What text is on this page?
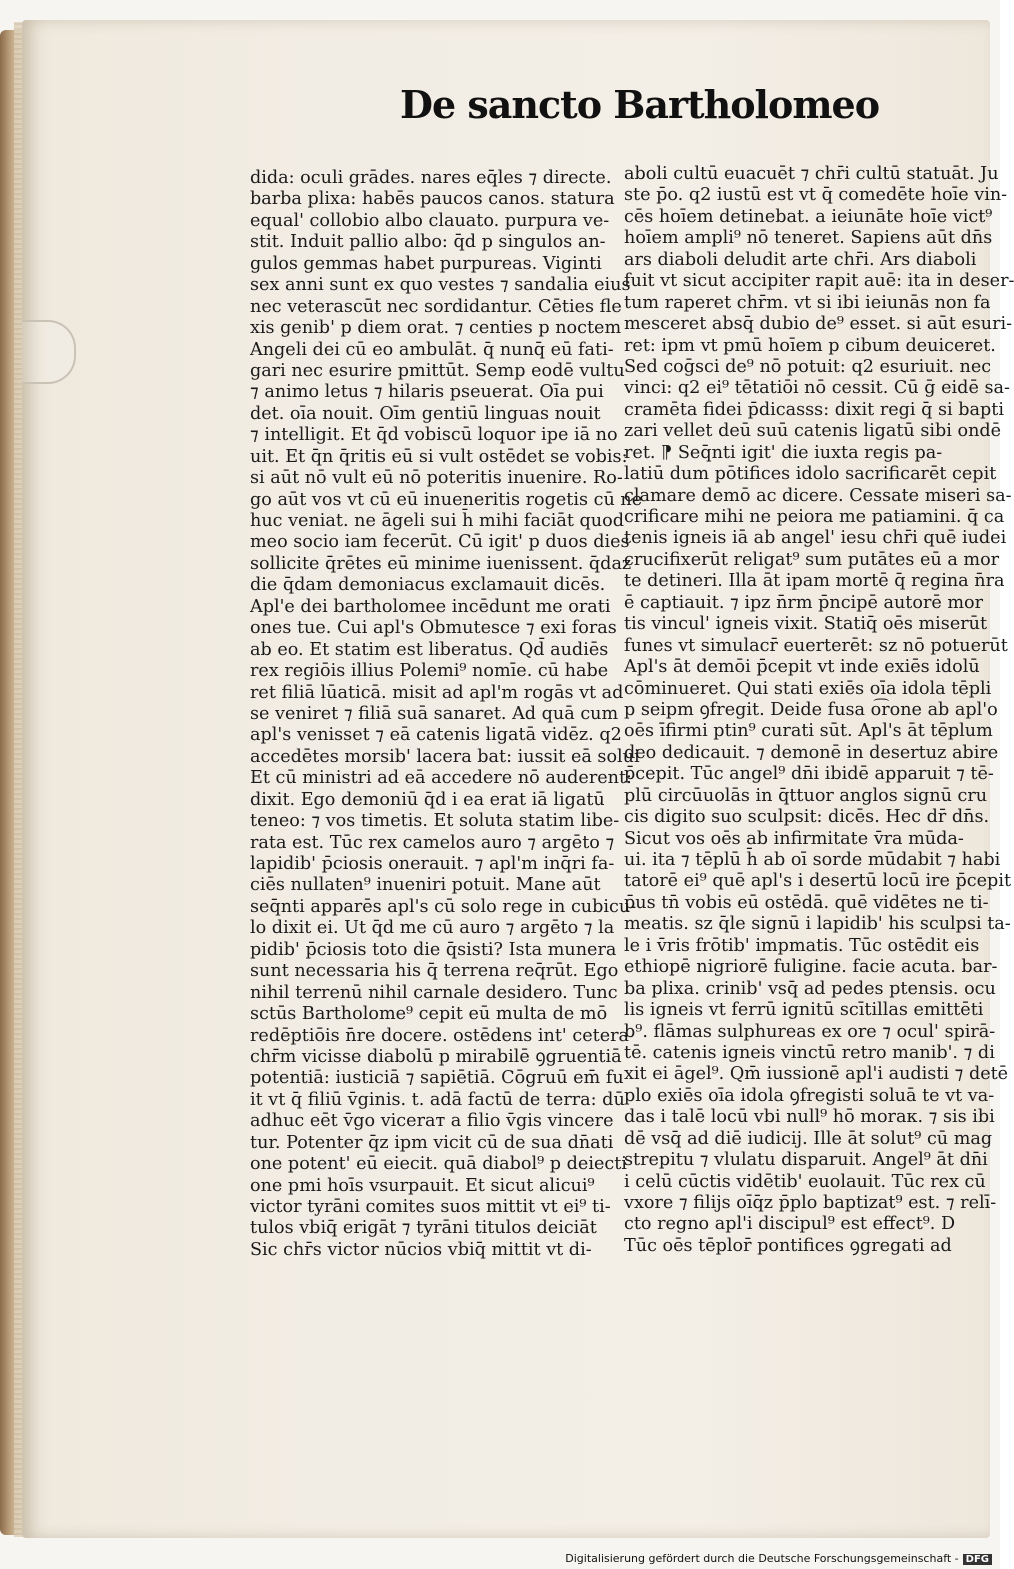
De sancto Bartholomeo
dida: oculi grādes. nares eq̄les ⁊ directe.
barba plixa: habēs paucos canos. statura
equal' collobio albo clauato. purpura ve‑
stit. Induit pallio albo: q̄d p singulos an‑
gulos gemmas habet purpureas. Viginti
sex anni sunt ex quo vestes ⁊ sandalia eius
nec veterascūt nec sordidantur. Cēties fle
xis genib' p diem orat. ⁊ centies p noctem
Angeli dei cū eo ambulāt. q̄ nunq̄ eū fati‑
gari nec esurire pmittūt. Semp eodē vultu
⁊ animo letus ⁊ hilaris pseuerat. Oīa pui
det. oīa nouit. Oīm gentiū linguas nouit
⁊ intelligit. Et q̄d vobiscū loquor ipe iā no
uit. Et q̄n q̄ritis eū si vult ostēdet se vobis:
si aūt nō vult eū nō poteritis inuenire. Ro‑
go aūt vos vt cū eū inueneritis rogetis cū ne
huc veniat. ne āgeli sui h̄ mihi faciāt quod
meo socio iam fecerūt. Cū igit' p duos dies
sollicite q̄rētes eū minime iuenissent. q̄daz
die q̄dam demoniacus exclamauit dicēs.
Apl'e dei bartholomee incēdunt me orati
ones tue. Cui apl's Obmutesce ⁊ exi foras
ab eo. Et statim est liberatus. Qd̄ audiēs
rex regiōis illius Polemi⁹ nomīe. cū habe
ret filiā lūaticā. misit ad apl'm rogās vt ad
se veniret ⁊ filiā suā sanaret. Ad quā cum
apl's venisset ⁊ eā catenis ligatā vidēz. q2
accedētes morsib' lacera bat: iussit eā solui
Et cū ministri ad eā accedere nō auderent:
dixit. Ego demoniū q̄d i ea erat iā ligatū
teneo: ⁊ vos timetis. Et soluta statim libe‑
rata est. Tūc rex camelos auro ⁊ argēto ⁊
lapidib' p̄ciosis onerauit. ⁊ apl'm inq̄ri fa‑
ciēs nullaten⁹ inueniri potuit. Mane aūt
seq̄nti apparēs apl's cū solo rege in cubicu‑
lo dixit ei. Ut q̄d me cū auro ⁊ argēto ⁊ la
pidib' p̄ciosis toto die q̄sisti? Ista munera
sunt necessaria his q̄ terrena req̄rūt. Ego
nihil terrenū nihil carnale desidero. Tunc
sctūs Bartholome⁹ cepit eū multa de mō
redēptiōis n̄re docere. ostēdens int' cetera
chr̄m vicisse diabolū p mirabilē ꝯgruentiā
potentiā: iusticiā ⁊ sapiētiā. Cōgruū em̄ fu
it vt q̄ filiū v̄ginis. t. adā factū de terra: dū
adhuc eēt v̄go viceraт a filio v̄gis vincere
tur. Potenter q̄z ipm vicit cū de sua dn̄ati
one potent' eū eiecit. quā diabol⁹ p deiecti
one pmi hoīs vsurpauit. Et sicut alicui⁹
victor tyrāni comites suos mittit vt ei⁹ ti‑
tulos vbiq̄ erigāt ⁊ tyrāni titulos deiciāt
Sic chr̄s victor nūcios vbiq̄ mittit vt di‑
aboli cultū euacuēt ⁊ chr̄i cultū statuāt. Ju
ste p̄o. q2 iustū est vt q̄ comedēte hoīe vin‑
cēs hoīem detinebat. a ieiunāte hoīe vict⁹
hoīem ampli⁹ nō teneret. Sapiens aūt dn̄s
ars diaboli deludit arte chr̄i. Ars diaboli
fuit vt sicut accipiter rapit auē: ita in deser‑
tum raperet chr̄m. vt si ibi ieiunās non fa
mesceret absq̄ dubio de⁹ esset. si aūt esuri‑
ret: ipm vt pmū hoīem p cibum deuiceret.
Sed coḡsci de⁹ nō potuit: q2 esuriuit. nec
vinci: q2 ei⁹ tētatiōi nō cessit. Cū ḡ eidē sa‑
cramēta fidei p̄dicasss: dixit regi q̄ si bapti
zari vellet deū suū catenis ligatū sibi ondē
ret. ⁋ Seq̄nti igit' die iuxta regis pa‑
latiū dum pōtifices idolo sacrificarēt cepit
clamare demō ac dicere. Cessate miseri sa‑
crificare mihi ne peiora me patiamini. q̄ ca
tenis igneis iā ab angel' iesu chr̄i quē iudei
crucifixerūt religat⁹ sum putātes eū a mor
te detineri. Illa āt ipam mortē q̄ regina n̄ra
ē captiauit. ⁊ ipz n̄rm p̄ncipē autorē mor
tis vincul' igneis vixit. Statiq̄ oēs miserūt
funes vt simulacr̄ euerterēt: sz nō potuerūt
Apl's āt demōi p̄cepit vt inde exiēs idolū
cōminueret. Qui stati exiēs oīa idola tēpli
p seipm ꝯfregit. Deide fusa o͡rone ab apl'o
oēs īfirmi ptin⁹ curati sūt. Apl's āt tēplum
deo dedicauit. ⁊ demonē in desertuz abire
p̄cepit. Tūc angel⁹ dn̄i ibidē apparuit ⁊ tē‑
plū circūuolās in q̄ttuor anglos signū cru
cis digito suo sculpsit: dicēs. Hec dr̄ dn̄s.
Sicut vos oēs ab infirmitate v̄ra mūda‑
ui. ita ⁊ tēplū h̄ ab oī sorde mūdabit ⁊ habi
tatorē ei⁹ quē apl's i desertū locū ire p̄cepit
p̄us tn̄ vobis eū ostēdā. quē vidētes ne ti‑
meatis. sz q̄le signū i lapidib' his sculpsi ta‑
le i v̄ris frōtib' impmatis. Tūc ostēdit eis
ethiopē nigriorē fuligine. facie acuta. bar‑
ba plixa. crinib' vsq̄ ad pedes ptensis. ocu
lis igneis vt ferrū ignitū scītillas emittēti
b⁹. flāmas sulphureas ex ore ⁊ ocul' spirā‑
tē. catenis igneis vinctū retro manib'. ⁊ di
xit ei āgel⁹. Qm̄ iussionē apl'i audisti ⁊ detē
plo exiēs oīa idola ꝯfregisti soluā te vt va‑
das i talē locū vbi null⁹ hō moraк. ⁊ sis ibi
dē vsq̄ ad diē iudicij. Ille āt solut⁹ cū mag
strepitu ⁊ vlulatu disparuit. Angel⁹ āt dn̄i
i celū cūctis vidētib' euolauit. Tūc rex cū
vxore ⁊ filijs oīq̄z p̄plo baptizat⁹ est. ⁊ relī‑
cto regno apl'i discipul⁹ est effect⁹. D
Tūc oēs tēplor̄ pontifices ꝯgregati ad
Digitalisierung gefördert durch die Deutsche Forschungsgemeinschaft - DFG
